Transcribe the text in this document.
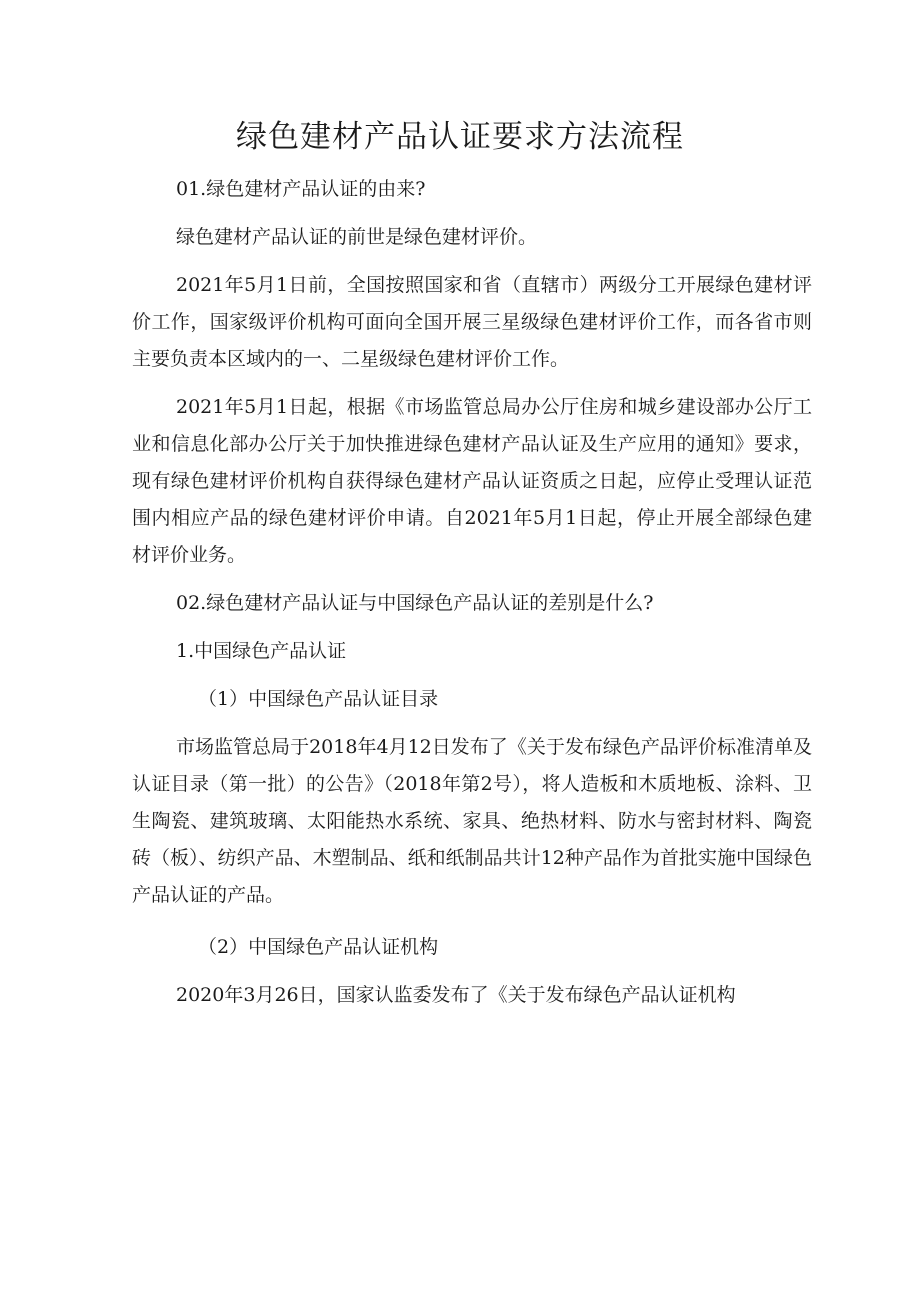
绿色建材产品认证要求方法流程

01.绿色建材产品认证的由来?

绿色建材产品认证的前世是绿色建材评价。

2021年5月1日前，全国按照国家和省（直辖市）两级分工开展绿色建材评价工作，国家级评价机构可面向全国开展三星级绿色建材评价工作，而各省市则主要负责本区域内的一、二星级绿色建材评价工作。

2021年5月1日起，根据《市场监管总局办公厅住房和城乡建设部办公厅工业和信息化部办公厅关于加快推进绿色建材产品认证及生产应用的通知》要求，现有绿色建材评价机构自获得绿色建材产品认证资质之日起，应停止受理认证范围内相应产品的绿色建材评价申请。自2021年5月1日起，停止开展全部绿色建材评价业务。

02.绿色建材产品认证与中国绿色产品认证的差别是什么?

1.中国绿色产品认证

（1）中国绿色产品认证目录

市场监管总局于2018年4月12日发布了《关于发布绿色产品评价标准清单及认证目录（第一批）的公告》（2018年第2号），将人造板和木质地板、涂料、卫生陶瓷、建筑玻璃、太阳能热水系统、家具、绝热材料、防水与密封材料、陶瓷砖（板）、纺织产品、木塑制品、纸和纸制品共计12种产品作为首批实施中国绿色产品认证的产品。

（2）中国绿色产品认证机构

2020年3月26日，国家认监委发布了《关于发布绿色产品认证机构
